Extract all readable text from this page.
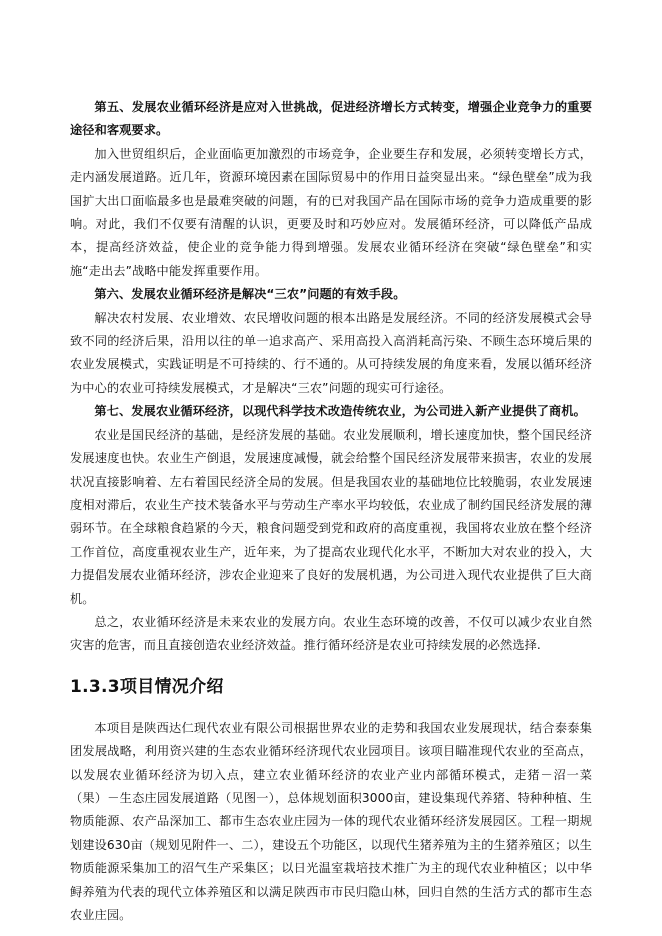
第五、发展农业循环经济是应对入世挑战，促进经济增长方式转变，增强企业竞争力的重要途径和客观要求。

加入世贸组织后，企业面临更加激烈的市场竞争，企业要生存和发展，必须转变增长方式，走内涵发展道路。近几年，资源环境因素在国际贸易中的作用日益突显出来。“绿色壁垒”成为我国扩大出口面临最多也是最难突破的问题，有的已对我国产品在国际市场的竞争力造成重要的影响。对此，我们不仅要有清醒的认识，更要及时和巧妙应对。发展循环经济，可以降低产品成本，提高经济效益，使企业的竞争能力得到增强。发展农业循环经济在突破“绿色壁垒”和实施“走出去”战略中能发挥重要作用。

第六、发展农业循环经济是解决“三农”问题的有效手段。

解决农村发展、农业增效、农民增收问题的根本出路是发展经济。不同的经济发展模式会导致不同的经济后果，沿用以往的单一追求高产、采用高投入高消耗高污染、不顾生态环境后果的农业发展模式，实践证明是不可持续的、行不通的。从可持续发展的角度来看，发展以循环经济为中心的农业可持续发展模式，才是解决“三农”问题的现实可行途径。

第七、发展农业循环经济，以现代科学技术改造传统农业，为公司进入新产业提供了商机。

农业是国民经济的基础，是经济发展的基础。农业发展顺利，增长速度加快，整个国民经济发展速度也快。农业生产倒退，发展速度减慢，就会给整个国民经济发展带来损害，农业的发展状况直接影响着、左右着国民经济全局的发展。但是我国农业的基础地位比较脆弱，农业发展速度相对滞后，农业生产技术装备水平与劳动生产率水平均较低，农业成了制约国民经济发展的薄弱环节。在全球粮食趋紧的今天，粮食问题受到党和政府的高度重视，我国将农业放在整个经济工作首位，高度重视农业生产，近年来，为了提高农业现代化水平，不断加大对农业的投入，大力提倡发展农业循环经济，涉农企业迎来了良好的发展机遇，为公司进入现代农业提供了巨大商机。

总之，农业循环经济是未来农业的发展方向。农业生态环境的改善，不仅可以减少农业自然灾害的危害，而且直接创造农业经济效益。推行循环经济是农业可持续发展的必然选择.

1.3.3项目情况介绍

本项目是陕西达仁现代农业有限公司根据世界农业的走势和我国农业发展现状，结合泰泰集团发展战略，利用资兴建的生态农业循环经济现代农业园项目。该项目瞄准现代农业的至高点，以发展农业循环经济为切入点，建立农业循环经济的农业产业内部循环模式，走猪－沼一菜（果）－生态庄园发展道路（见图一），总体规划面积3000亩，建设集现代养猪、特种种植、生物质能源、农产品深加工、都市生态农业庄园为一体的现代农业循环经济发展园区。工程一期规划建设630亩（规划见附件一、二），建设五个功能区，以现代生猪养殖为主的生猪养殖区；以生物质能源采集加工的沼气生产采集区；以日光温室栽培技术推广为主的现代农业种植区；以中华鲟养殖为代表的现代立体养殖区和以满足陕西市市民归隐山林，回归自然的生活方式的都市生态农业庄园。
